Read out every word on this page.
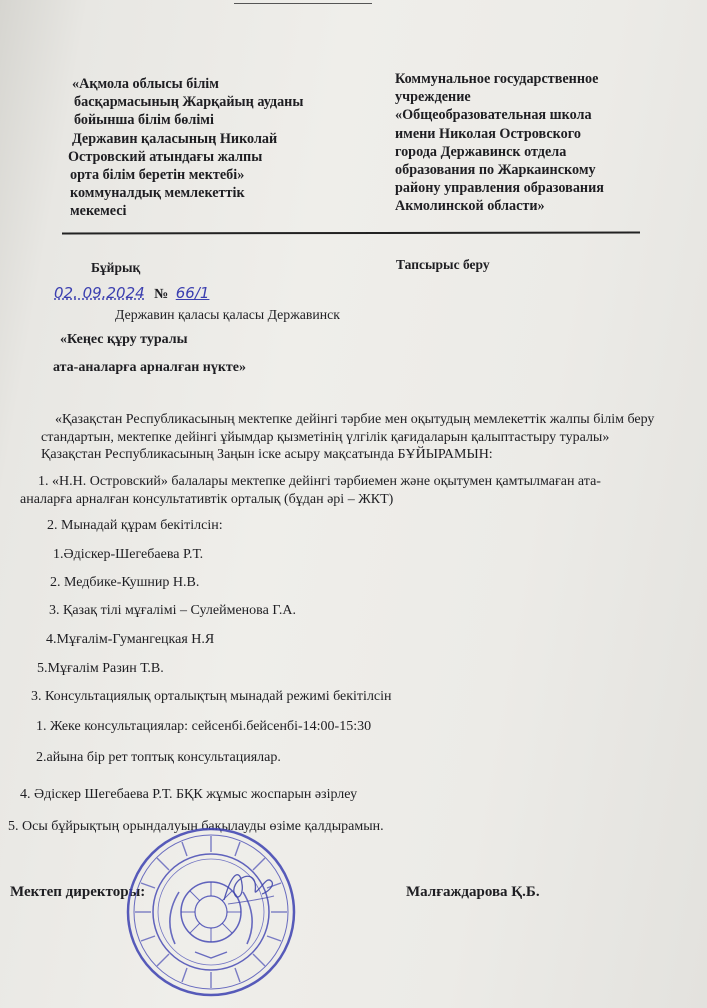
«Ақмола облысы білім
басқармасының Жарқайың ауданы
бойынша білім бөлімі
Державин қаласының Николай
Островский атындағы жалпы
орта білім беретін мектебі»
коммуналдық мемлекеттік
мекемесі
Коммунальное государственное
учреждение
«Общеобразовательная школа
имени Николая Островского
города Державинск отдела
образования по Жаркаинскому
району управления образования
Акмолинской области»
Бұйрық	Тапсырыс беру
02. 09.2024 № 66/1
Державин қаласы қаласы Державинск
«Кеңес құру туралы
ата-аналарға арналған нүкте»
«Қазақстан Республикасының мектепке дейінгі тәрбие мен оқытудың мемлекеттік жалпы білім беру
стандартын, мектепке дейінгі ұйымдар қызметінің үлгілік қағидаларын қалыптастыру туралы»
Қазақстан Республикасының Заңын іске асыру мақсатында БҰЙЫРАМЫН:
1. «Н.Н. Островский» балалары мектепке дейінгі тәрбиемен және оқытумен қамтылмаған ата-
аналарға арналған консультативтік орталық (бұдан әрі – ЖКТ)
2. Мынадай құрам бекітілсін:
1.Әдіскер-Шегебаева Р.Т.
2. Медбике-Кушнир Н.В.
3. Қазақ тілі мұғалімі – Сулейменова Г.А.
4.Мұғалім-Гумангецкая Н.Я
5.Мұғалім Разин Т.В.
3. Консультациялық орталықтың мынадай режимі бекітілсін
1. Жеке консультациялар: сейсенбі.бейсенбі-14:00-15:30
2.айына бір рет топтық консультациялар.
4. Әдіскер Шегебаева Р.Т. БҚК жұмыс жоспарын әзірлеу
5. Осы бұйрықтың орындалуын бақылауды өзіме қалдырамын.
Мектеп директоры:	Малғаждарова Қ.Б.
